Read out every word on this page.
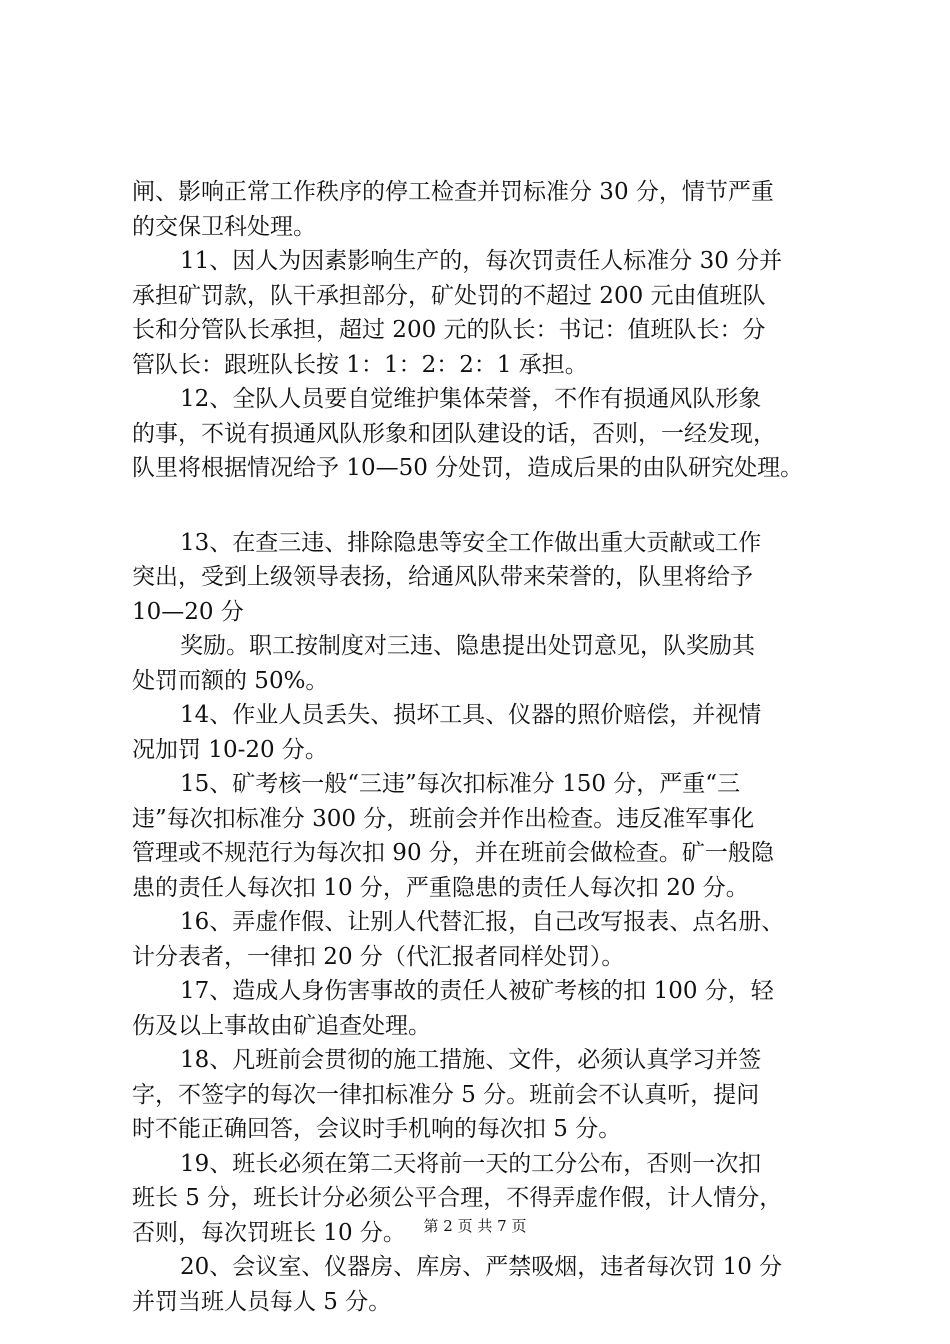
闸、影响正常工作秩序的停工检查并罚标准分 30 分，情节严重
的交保卫科处理。
11、因人为因素影响生产的，每次罚责任人标准分 30 分并
承担矿罚款，队干承担部分，矿处罚的不超过 200 元由值班队
长和分管队长承担，超过 200 元的队长：书记：值班队长：分
管队长：跟班队长按 1：1：2：2：1 承担。
12、全队人员要自觉维护集体荣誉，不作有损通风队形象
的事，不说有损通风队形象和团队建设的话，否则，一经发现，
队里将根据情况给予 10—50 分处罚，造成后果的由队研究处理。
13、在查三违、排除隐患等安全工作做出重大贡献或工作
突出，受到上级领导表扬，给通风队带来荣誉的，队里将给予
10—20 分
奖励。职工按制度对三违、隐患提出处罚意见，队奖励其
处罚而额的 50%。
14、作业人员丢失、损坏工具、仪器的照价赔偿，并视情
况加罚 10-20 分。
15、矿考核一般“三违”每次扣标准分 150 分，严重“三
违”每次扣标准分 300 分，班前会并作出检查。违反准军事化
管理或不规范行为每次扣 90 分，并在班前会做检查。矿一般隐
患的责任人每次扣 10 分，严重隐患的责任人每次扣 20 分。
16、弄虚作假、让别人代替汇报，自己改写报表、点名册、
计分表者，一律扣 20 分（代汇报者同样处罚）。
17、造成人身伤害事故的责任人被矿考核的扣 100 分，轻
伤及以上事故由矿追查处理。
18、凡班前会贯彻的施工措施、文件，必须认真学习并签
字，不签字的每次一律扣标准分 5 分。班前会不认真听，提问
时不能正确回答，会议时手机响的每次扣 5 分。
19、班长必须在第二天将前一天的工分公布，否则一次扣
班长 5 分，班长计分必须公平合理，不得弄虚作假，计人情分，
否则，每次罚班长 10 分。
20、会议室、仪器房、库房、严禁吸烟，违者每次罚 10 分
并罚当班人员每人 5 分。
第 2 页 共 7 页
